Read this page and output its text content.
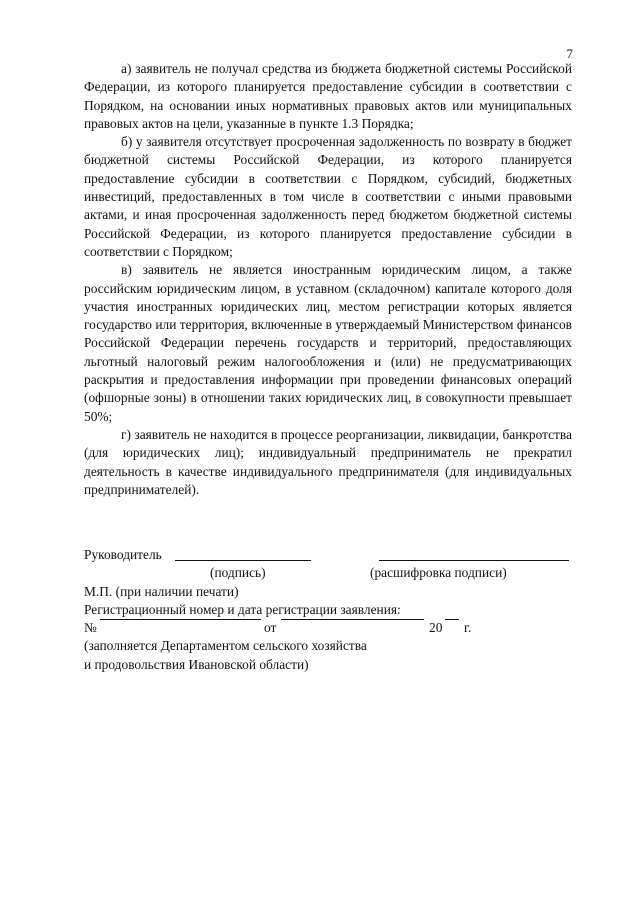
7

а) заявитель не получал средства из бюджета бюджетной системы Российской Федерации, из которого планируется предоставление субсидии в соответствии с Порядком, на основании иных нормативных правовых актов или муниципальных правовых актов на цели, указанные в пункте 1.3 Порядка;

б) у заявителя отсутствует просроченная задолженность по возврату в бюджет бюджетной системы Российской Федерации, из которого планируется предоставление субсидии в соответствии с Порядком, субсидий, бюджетных инвестиций, предоставленных в том числе в соответствии с иными правовыми актами, и иная просроченная задолженность перед бюджетом бюджетной системы Российской Федерации, из которого планируется предоставление субсидии в соответствии с Порядком;

в) заявитель не является иностранным юридическим лицом, а также российским юридическим лицом, в уставном (складочном) капитале которого доля участия иностранных юридических лиц, местом регистрации которых является государство или территория, включенные в утверждаемый Министерством финансов Российской Федерации перечень государств и территорий, предоставляющих льготный налоговый режим налогообложения и (или) не предусматривающих раскрытия и предоставления информации при проведении финансовых операций (офшорные зоны) в отношении таких юридических лиц, в совокупности превышает 50%;

г) заявитель не находится в процессе реорганизации, ликвидации, банкротства (для юридических лиц); индивидуальный предприниматель не прекратил деятельность в качестве индивидуального предпринимателя (для индивидуальных предпринимателей).

Руководитель
(подпись)	(расшифровка подписи)
М.П. (при наличии печати)
Регистрационный номер и дата регистрации заявления:
№	от	20 г.
(заполняется Департаментом сельского хозяйства
и продовольствия Ивановской области)
